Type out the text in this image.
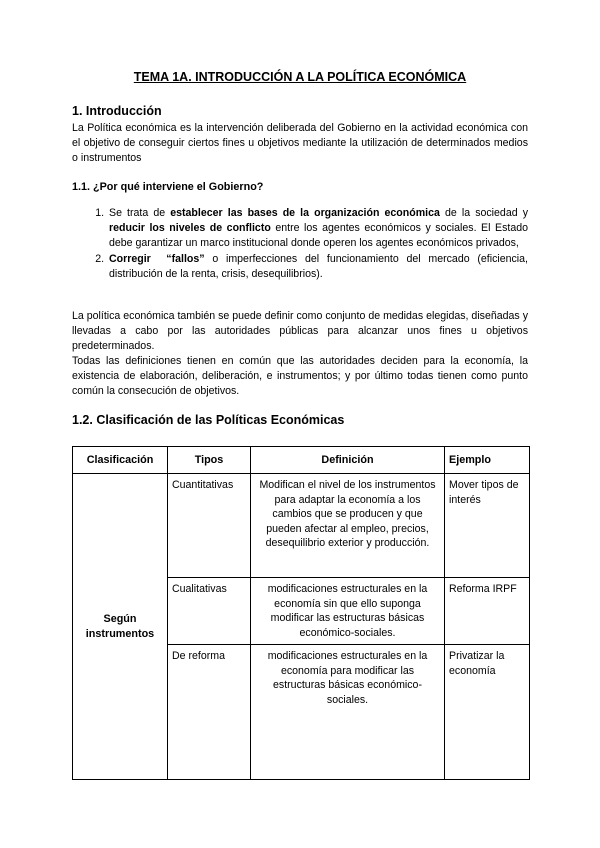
TEMA 1A. INTRODUCCIÓN A LA POLÍTICA ECONÓMICA
1. Introducción
La Política económica es la intervención deliberada del Gobierno en la actividad económica con el objetivo de conseguir ciertos fines u objetivos mediante la utilización de determinados medios o instrumentos
1.1. ¿Por qué interviene el Gobierno?
1. Se trata de establecer las bases de la organización económica de la sociedad y reducir los niveles de conflicto entre los agentes económicos y sociales. El Estado debe garantizar un marco institucional donde operen los agentes económicos privados,
2. Corregir  “fallos” o imperfecciones del funcionamiento del mercado (eficiencia, distribución de la renta, crisis, desequilibrios).
La política económica también se puede definir como conjunto de medidas elegidas, diseñadas y llevadas a cabo por las autoridades públicas para alcanzar unos fines u objetivos predeterminados.
Todas las definiciones tienen en común que las autoridades deciden para la economía, la existencia de elaboración, deliberación, e instrumentos; y por último todas tienen como punto común la consecución de objetivos.
1.2. Clasificación de las Políticas Económicas
Clasificación	Tipos	Definición	Ejemplo
Según instrumentos	Cuantitativas	Modifican el nivel de los instrumentos para adaptar la economía a los cambios que se producen y que pueden afectar al empleo, precios, desequilibrio exterior y producción.	Mover tipos de interés
	Cualitativas	modificaciones estructurales en la economía sin que ello suponga modificar las estructuras básicas económico-sociales.	Reforma IRPF
	De reforma	modificaciones estructurales en la economía para modificar las estructuras básicas económico-sociales.	Privatizar la economía
